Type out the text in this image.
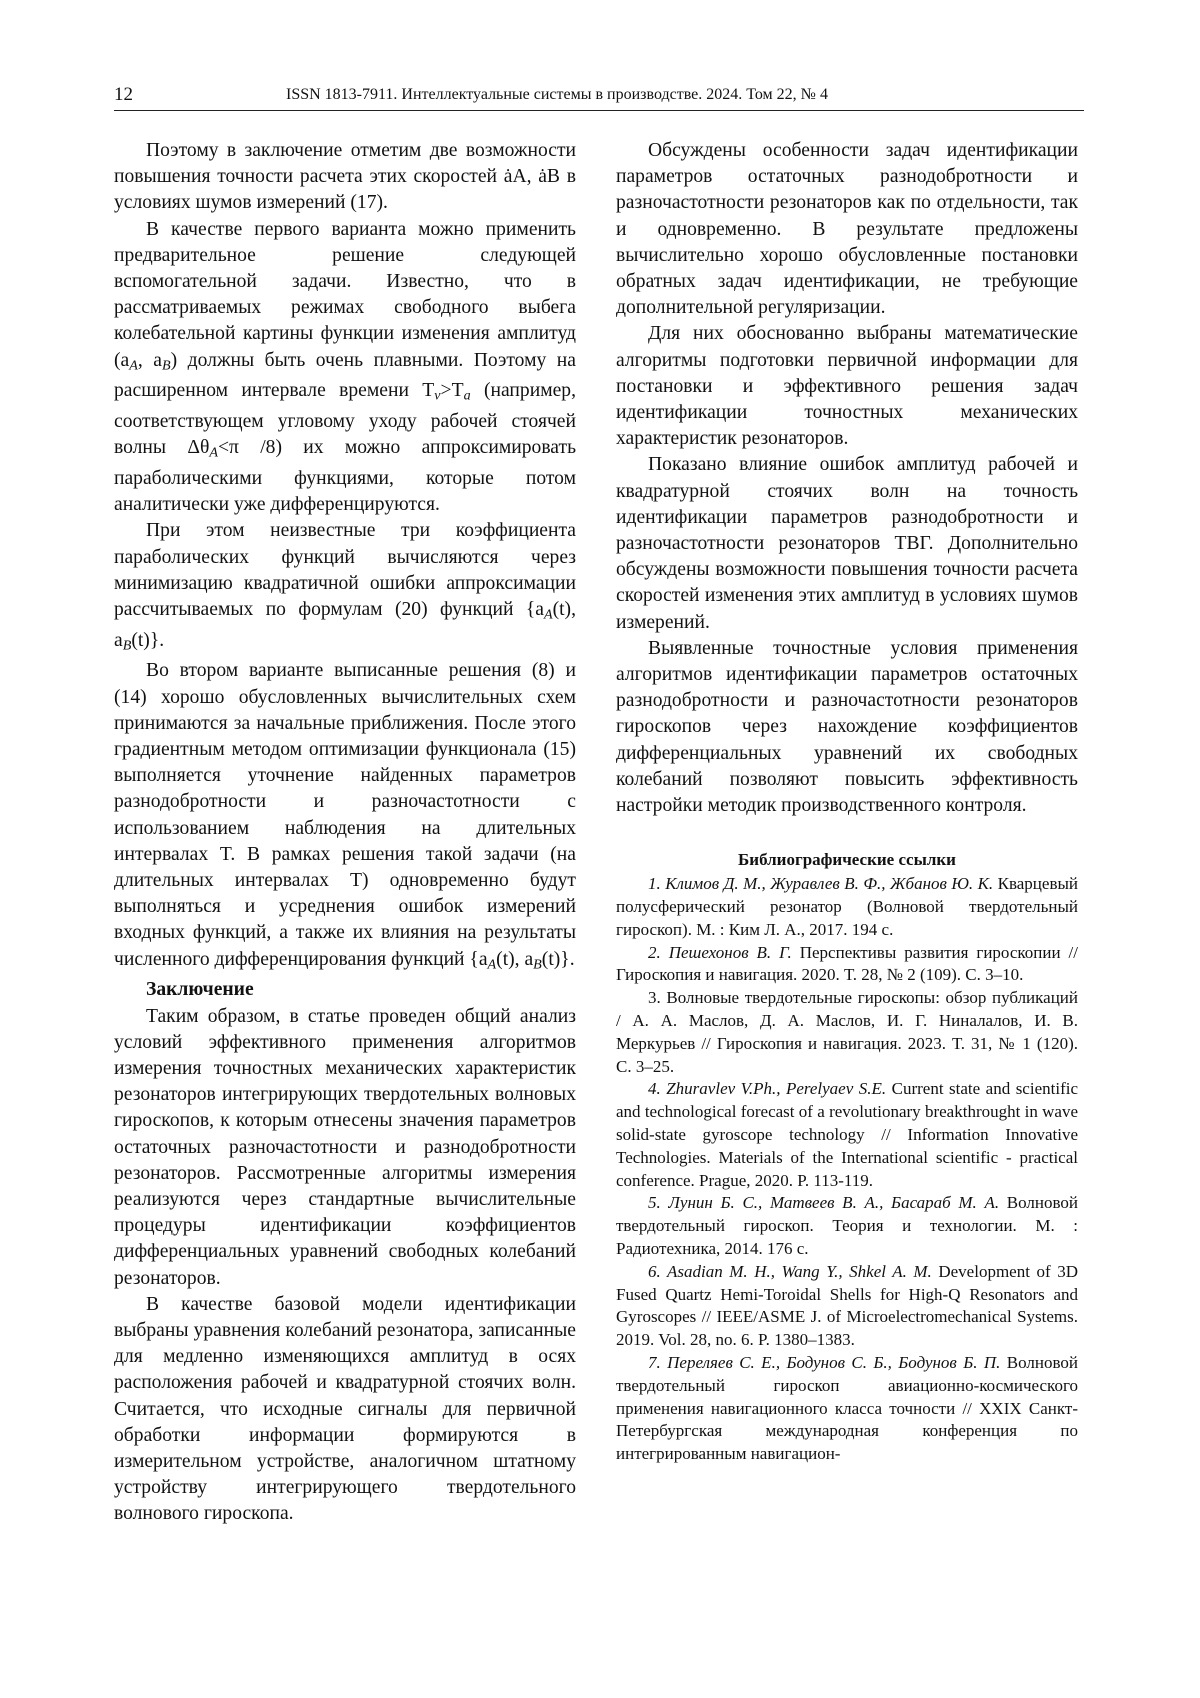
12	ISSN 1813-7911. Интеллектуальные системы в производстве. 2024. Том 22, № 4

Поэтому в заключение отметим две возможности повышения точности расчета этих скоростей ȧA, ȧB в условиях шумов измерений (17).

В качестве первого варианта можно применить предварительное решение следующей вспомогательной задачи. Известно, что в рассматриваемых режимах свободного выбега колебательной картины функции изменения амплитуд ($a_A$, $a_B$) должны быть очень плавными. Поэтому на расширенном интервале времени $T_v>T_a$ (например, соответствующем угловому уходу рабочей стоячей волны $\Delta\theta_A<\pi$ /8) их можно аппроксимировать параболическими функциями, которые потом аналитически уже дифференцируются.

При этом неизвестные три коэффициента параболических функций вычисляются через минимизацию квадратичной ошибки аппроксимации рассчитываемых по формулам (20) функций {$a_A(t)$, $a_B(t)$}.

Во втором варианте выписанные решения (8) и (14) хорошо обусловленных вычислительных схем принимаются за начальные приближения. После этого градиентным методом оптимизации функционала (15) выполняется уточнение найденных параметров разнодобротности и разночастотности с использованием наблюдения на длительных интервалах T. В рамках решения такой задачи (на длительных интервалах T) одновременно будут выполняться и усреднения ошибок измерений входных функций, а также их влияния на результаты численного дифференцирования функций {$a_A(t)$, $a_B(t)$}.

Заключение

Таким образом, в статье проведен общий анализ условий эффективного применения алгоритмов измерения точностных механических характеристик резонаторов интегрирующих твердотельных волновых гироскопов, к которым отнесены значения параметров остаточных разночастотности и разнодобротности резонаторов. Рассмотренные алгоритмы измерения реализуются через стандартные вычислительные процедуры идентификации коэффициентов дифференциальных уравнений свободных колебаний резонаторов.

В качестве базовой модели идентификации выбраны уравнения колебаний резонатора, записанные для медленно изменяющихся амплитуд в осях расположения рабочей и квадратурной стоячих волн. Считается, что исходные сигналы для первичной обработки информации формируются в измерительном устройстве, аналогичном штатному устройству интегрирующего твердотельного волнового гироскопа.

Обсуждены особенности задач идентификации параметров остаточных разнодобротности и разночастотности резонаторов как по отдельности, так и одновременно. В результате предложены вычислительно хорошо обусловленные постановки обратных задач идентификации, не требующие дополнительной регуляризации.

Для них обоснованно выбраны математические алгоритмы подготовки первичной информации для постановки и эффективного решения задач идентификации точностных механических характеристик резонаторов.

Показано влияние ошибок амплитуд рабочей и квадратурной стоячих волн на точность идентификации параметров разнодобротности и разночастотности резонаторов ТВГ. Дополнительно обсуждены возможности повышения точности расчета скоростей изменения этих амплитуд в условиях шумов измерений.

Выявленные точностные условия применения алгоритмов идентификации параметров остаточных разнодобротности и разночастотности резонаторов гироскопов через нахождение коэффициентов дифференциальных уравнений их свободных колебаний позволяют повысить эффективность настройки методик производственного контроля.

Библиографические ссылки

1. Климов Д. М., Журавлев В. Ф., Жбанов Ю. К. Кварцевый полусферический резонатор (Волновой твердотельный гироскоп). М. : Ким Л. А., 2017. 194 с.

2. Пешехонов В. Г. Перспективы развития гироскопии // Гироскопия и навигация. 2020. Т. 28, № 2 (109). С. 3–10.

3. Волновые твердотельные гироскопы: обзор публикаций / А. А. Маслов, Д. А. Маслов, И. Г. Ниналалов, И. В. Меркурьев // Гироскопия и навигация. 2023. Т. 31, № 1 (120). С. 3–25.

4. Zhuravlev V.Ph., Perelyaev S.E. Current state and scientific and technological forecast of a revolutionary breakthrought in wave solid-state gyroscope technology // Information Innovative Technologies. Materials of the International scientific - practical conference. Prague, 2020. P. 113-119.

5. Лунин Б. С., Матвеев В. А., Басараб М. А. Волновой твердотельный гироскоп. Теория и технологии. М. : Радиотехника, 2014. 176 с.

6. Asadian M. H., Wang Y., Shkel A. M. Development of 3D Fused Quartz Hemi-Toroidal Shells for High-Q Resonators and Gyroscopes // IEEE/ASME J. of Microelectromechanical Systems. 2019. Vol. 28, no. 6. P. 1380–1383.

7. Переляев С. Е., Бодунов С. Б., Бодунов Б. П. Волновой твердотельный гироскоп авиационно-космического применения навигационного класса точности // XXIX Санкт-Петербургская международная конференция по интегрированным навигацион-
